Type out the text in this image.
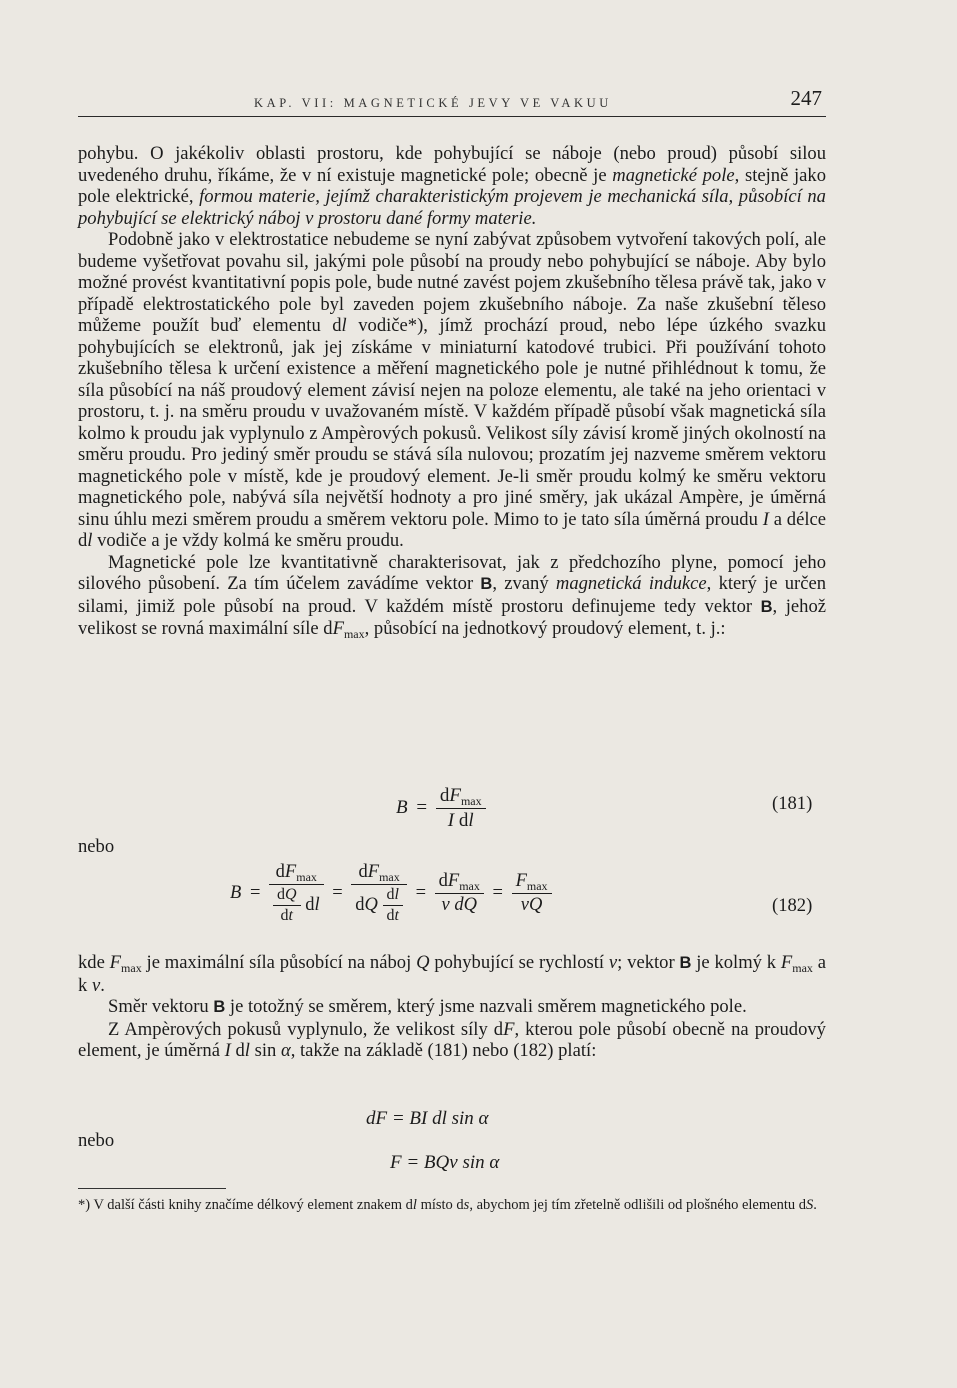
KAP. VII: MAGNETICKÉ JEVY VE VAKUU	247

pohybu. O jakékoliv oblasti prostoru, kde pohybující se náboje (nebo proud) působí silou uvedeného druhu, říkáme, že v ní existuje magnetické pole; obecně je magnetické pole, stejně jako pole elektrické, formou materie, jejímž charakteristickým projevem je mechanická síla, působící na pohybující se elektrický náboj v prostoru dané formy materie.

Podobně jako v elektrostatice nebudeme se nyní zabývat způsobem vytvoření takových polí, ale budeme vyšetřovat povahu sil, jakými pole působí na proudy nebo pohybující se náboje. Aby bylo možné provést kvantitativní popis pole, bude nutné zavést pojem zkušebního tělesa právě tak, jako v případě elektrostatického pole byl zaveden pojem zkušebního náboje. Za naše zkušební těleso můžeme použít buď elementu dl vodiče*), jímž prochází proud, nebo lépe úzkého svazku pohybujících se elektronů, jak jej získáme v miniaturní katodové trubici. Při používání tohoto zkušebního tělesa k určení existence a měření magnetického pole je nutné přihlédnout k tomu, že síla působící na náš proudový element závisí nejen na poloze elementu, ale také na jeho orientaci v prostoru, t. j. na směru proudu v uvažovaném místě. V každém případě působí však magnetická síla kolmo k proudu jak vyplynulo z Ampèrových pokusů. Velikost síly závisí kromě jiných okolností na směru proudu. Pro jediný směr proudu se stává síla nulovou; prozatím jej nazveme směrem vektoru magnetického pole v místě, kde je proudový element. Je-li směr proudu kolmý ke směru vektoru magnetického pole, nabývá síla největší hodnoty a pro jiné směry, jak ukázal Ampère, je úměrná sinu úhlu mezi směrem proudu a směrem vektoru pole. Mimo to je tato síla úměrná proudu I a délce dl vodiče a je vždy kolmá ke směru proudu.

Magnetické pole lze kvantitativně charakterisovat, jak z předchozího plyne, pomocí jeho silového působení. Za tím účelem zavádíme vektor B, zvaný magnetická indukce, který je určen silami, jimiž pole působí na proud. V každém místě prostoru definujeme tedy vektor B, jehož velikost se rovná maximální síle $dF_{max}$, působící na jednotkový proudový element, t. j.:

$B = \frac{dF_{max}}{\text{I dl}}$	(181)
nebo
$B = \frac{dF_{max}}{\frac{dQ}{dt} dl} = \frac{dF_{max}}{dQ \frac{dl}{dt}} = \frac{dF_{max}}{\text{v dQ}} = \frac{F_{max}}{vQ}$	(182)

kde $F_{max}$ je maximální síla působící na náboj Q pohybující se rychlostí v; vektor B je kolmý k $F_{max}$ a k v.

Směr vektoru B je totožný se směrem, který jsme nazvali směrem magnetického pole.

Z Ampèrových pokusů vyplynulo, že velikost síly dF, kterou pole působí obecně na proudový element, je úměrná I dl sin α, takže na základě (181) nebo (182) platí:

dF = BI dl sin α
nebo
F = BQv sin α
*) V další části knihy značíme délkový element znakem dl místo ds, abychom jej tím zřetelně odlišili od plošného elementu dS.
